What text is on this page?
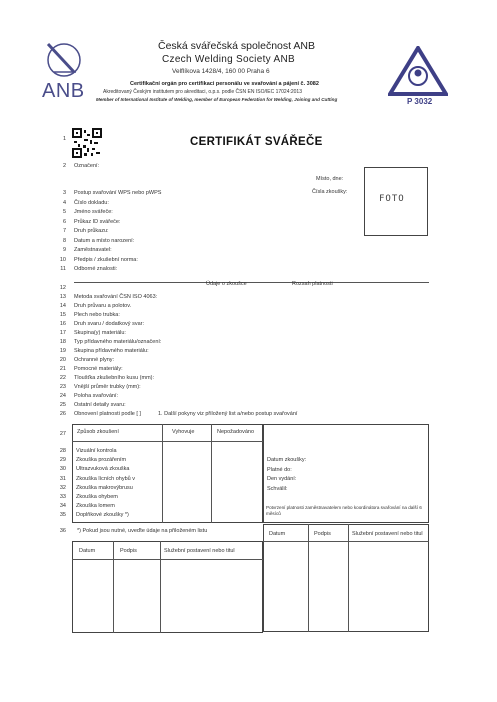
ANB
Česká svářečská společnost ANB
Czech Welding Society ANB
Velflíkova 1428/4, 160 00 Praha 6
Certifikační orgán pro certifikaci personálu ve svařování a pájení č. 3082
Akreditovaný Českým institutem pro akreditaci, o.p.s. podle ČSN EN ISO/IEC 17024:2013
Member of International Institute of Welding, member of European Federation for Welding, Joining and Cutting	P 3032
1	CERTIFIKÁT SVÁŘEČE
2 Označení:
Místo, dne:
Čísla zkoušky:
FOTO
3 Postup svařování WPS nebo pWPS
4 Číslo dokladu:
5 Jméno svářeče:
6 Průkaz ID svářeče:
7 Druh průkazu:
8 Datum a místo narození:
9 Zaměstnavatel:
10 Předpis / zkušební norma:
11 Odborné znalosti:
12
Údaje o zkoušce	Rozsah platnosti
13 Metoda svařování ČSN ISO 4063:
14 Druh průvaru a polotov.
15 Plech nebo trubka:
16 Druh svaru / dodatkový svar:
17 Skupina(y) materiálu:
18 Typ přídavného materiálu/označení:
19 Skupina přídavného materiálu:
20 Ochranné plyny:
21 Pomocné materiály:
22 Tloušťka zkušebního kusu (mm):
23 Vnější průměr trubky (mm):
24 Poloha svařování:
25 Ostatní detaily svaru:
26 Obnovení platnosti podle [ ]	1. Další pokyny viz přiložený list a/nebo postup svařování
27 Způsob zkoušení	Vyhovuje	Nepožadováno
28 Vizuální kontrola
29 Zkouška prozářením
30 Ultrazvuková zkouška
31 Zkouška lícních ohybů v
32 Zkouška makrovýbrusu
33 Zkouška ohybem
34 Zkouška lomem
35 Doplňkové zkoušky *)
Datum zkoušky:
Platné do:
Den vydání:
Schválil:
Potvrzení platnosti zaměstnavatelem nebo koordinátora svařování na další 6 měsíců
36 *) Pokud jsou nutné, uveďte údaje na přiloženém listu
Datum	Podpis	Služební postavení nebo titul
Datum	Podpis	Služební postavení nebo titul
